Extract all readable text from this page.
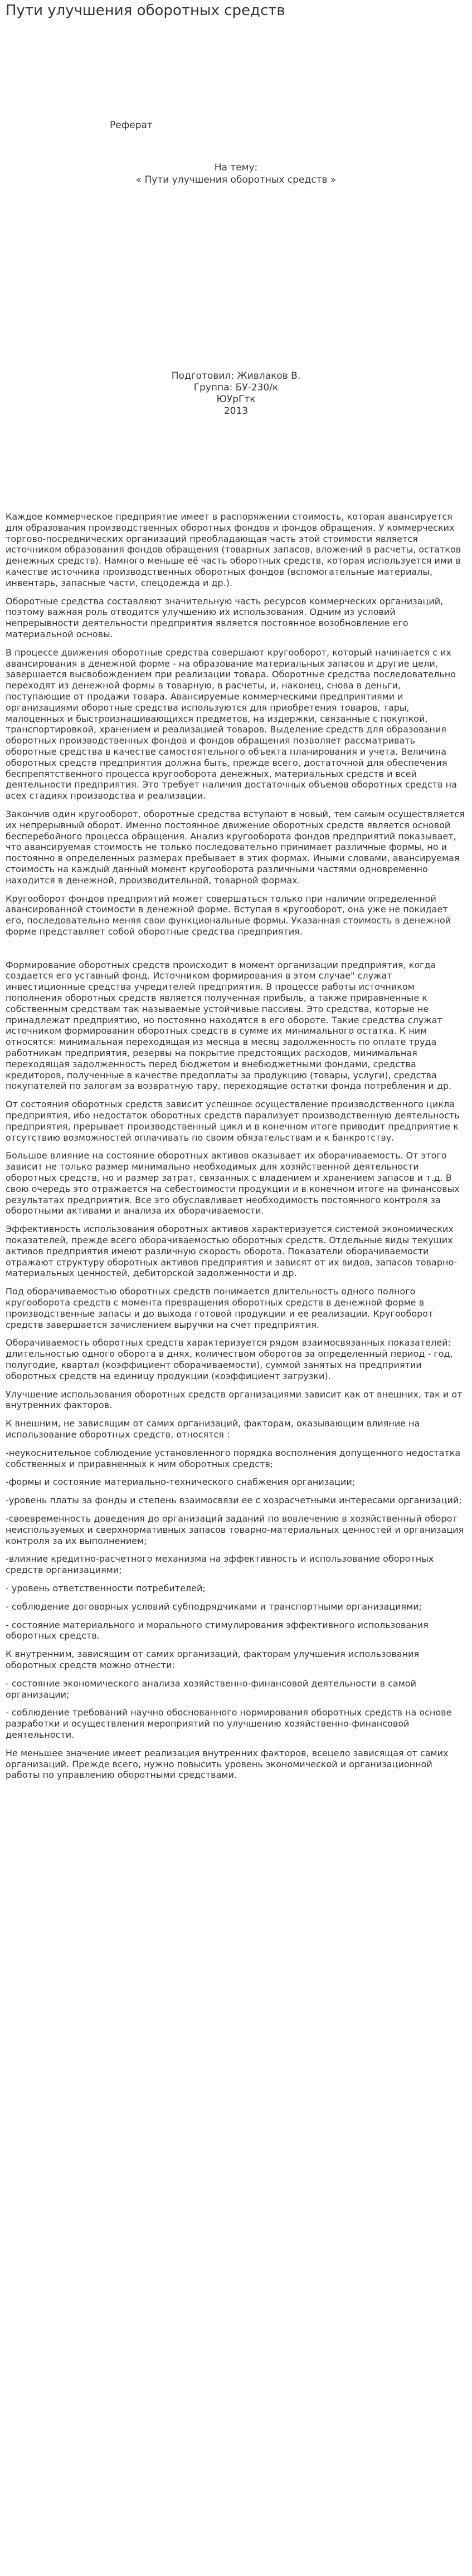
Пути улучшения оборотных средств
Реферат
На тему:
« Пути улучшения оборотных средств »
Подготовил: Живлаков В.
Группа: БУ-230/к
ЮУрГтк
2013

Каждое коммерческое предприятие имеет в распоряжении стоимость, которая авансируется для образования производственных оборотных фондов и фондов обращения. У коммерческих торгово-посреднических организаций преобладающая часть этой стоимости является источником образования фондов обращения (товарных запасов, вложений в расчеты, остатков денежных средств). Намного меньше её часть оборотных средств, которая используется ими в качестве источника производственных оборотных фондов (вспомогательные материалы, инвентарь, запасные части, спецодежда и др.).

Оборотные средства составляют значительную часть ресурсов коммерческих организаций, поэтому важная роль отводится улучшению их использования. Одним из условий непрерывности деятельности предприятия является постоянное возобновление его материальной основы.

В процессе движения оборотные средства совершают кругооборот, который начинается с их авансирования в денежной форме - на образование материальных запасов и другие цели, завершается высвобождением при реализации товара. Оборотные средства последовательно переходят из денежной формы в товарную, в расчеты, и, наконец, снова в деньги, поступающие от продажи товара. Авансируемые коммерческими предприятиями и организациями оборотные средства используются для приобретения товаров, тары, малоценных и быстроизнашивающихся предметов, на издержки, связанные с покупкой, транспортировкой, хранением и реализацией товаров. Выделение средств для образования оборотных производственных фондов и фондов обращения позволяет рассматривать оборотные средства в качестве самостоятельного объекта планирования и учета. Величина оборотных средств предприятия должна быть, прежде всего, достаточной для обеспечения беспрепятственного процесса кругооборота денежных, материальных средств и всей деятельности предприятия. Это требует наличия достаточных объемов оборотных средств на всех стадиях производства и реализации.

Закончив один кругооборот, оборотные средства вступают в новый, тем самым осуществляется их непрерывный оборот. Именно постоянное движение оборотных средств является основой бесперебойного процесса обращения. Анализ кругооборота фондов предприятий показывает, что авансируемая стоимость не только последовательно принимает различные формы, но и постоянно в определенных размерах пребывает в этих формах. Иными словами, авансируемая стоимость на каждый данный момент кругооборота различными частями одновременно находится в денежной, производительной, товарной формах.

Кругооборот фондов предприятий может совершаться только при наличии определенной авансированной стоимости в денежной форме. Вступая в кругооборот, она уже не покидает его, последовательно меняя свои функциональные формы. Указанная стоимость в денежной форме представляет собой оборотные средства предприятия.

Формирование оборотных средств происходит в момент организации предприятия, когда создается его уставный фонд. Источником формирования в этом случае" служат инвестиционные средства учредителей предприятия. В процессе работы источником пополнения оборотных средств является полученная прибыль, а также приравненные к собственным средствам так называемые устойчивые пассивы. Это средства, которые не принадлежат предприятию, но постоянно находятся в его обороте. Такие средства служат источником формирования оборотных средств в сумме их минимального остатка. К ним относятся: минимальная переходящая из месяца в месяц задолженность по оплате труда работникам предприятия, резервы на покрытие предстоящих расходов, минимальная переходящая задолженность перед бюджетом и внебюджетными фондами, средства кредиторов, полученные в качестве предоплаты за продукцию (товары, услуги), средства покупателей по залогам за возвратную тару, переходящие остатки фонда потребления и др.

От состояния оборотных средств зависит успешное осуществление производственного цикла предприятия, ибо недостаток оборотных средств парализует производственную деятельность предприятия, прерывает производственный цикл и в конечном итоге приводит предприятие к отсутствию возможностей оплачивать по своим обязательствам и к банкротству.

Большое влияние на состояние оборотных активов оказывает их оборачиваемость. От этого зависит не только размер минимально необходимых для хозяйственной деятельности оборотных средств, но и размер затрат, связанных с владением и хранением запасов и т.д. В свою очередь это отражается на себестоимости продукции и в конечном итоге на финансовых результатах предприятия. Все это обуславливает необходимость постоянного контроля за оборотными активами и анализа их оборачиваемости.

Эффективность использования оборотных активов характеризуется системой экономических показателей, прежде всего оборачиваемостью оборотных средств. Отдельные виды текущих активов предприятия имеют различную скорость оборота. Показатели оборачиваемости отражают структуру оборотных активов предприятия и зависят от их видов, запасов товарно-материальных ценностей, дебиторской задолженности и др.

Под оборачиваемостью оборотных средств понимается длительность одного полного кругооборота средств с момента превращения оборотных средств в денежной форме в производственные запасы и до выхода готовой продукции и ее реализации. Кругооборот средств завершается зачислением выручки на счет предприятия.

Оборачиваемость оборотных средств характеризуется рядом взаимосвязанных показателей: длительностью одного оборота в днях, количеством оборотов за определенный период - год, полугодие, квартал (коэффициент оборачиваемости), суммой занятых на предприятии оборотных средств на единицу продукции (коэффициент загрузки).

Улучшение использования оборотных средств организациями зависит как от внешних, так и от внутренних факторов.

К внешним, не зависящим от самих организаций, факторам, оказывающим влияние на использование оборотных средств, относятся :

-неукоснительное соблюдение установленного порядка восполнения допущенного недостатка собственных и приравненных к ним оборотных средств;

-формы и состояние материально-технического снабжения организации;

-уровень платы за фонды и степень взаимосвязи ее с хозрасчетными интересами организаций;

-своевременность доведения до организаций заданий по вовлечению в хозяйственный оборот неиспользуемых и сверхнормативных запасов товарно-материальных ценностей и организация контроля за их выполнением;

-влияние кредитно-расчетного механизма на эффективность и использование оборотных средств организациями;

- уровень ответственности потребителей;

- соблюдение договорных условий субподрядчиками и транспортными организациями;

- состояние материального и морального стимулирования эффективного использования оборотных средств.

К внутренним, зависящим от самих организаций, факторам улучшения использования оборотных средств можно отнести:

- состояние экономического анализа хозяйственно-финансовой деятельности в самой организации;

- соблюдение требований научно обоснованного нормирования оборотных средств на основе разработки и осуществления мероприятий по улучшению хозяйственно-финансовой деятельности.

Не меньшее значение имеет реализация внутренних факторов, всецело зависящая от самих организаций. Прежде всего, нужно повысить уровень экономической и организационной работы по управлению оборотными средствами.
